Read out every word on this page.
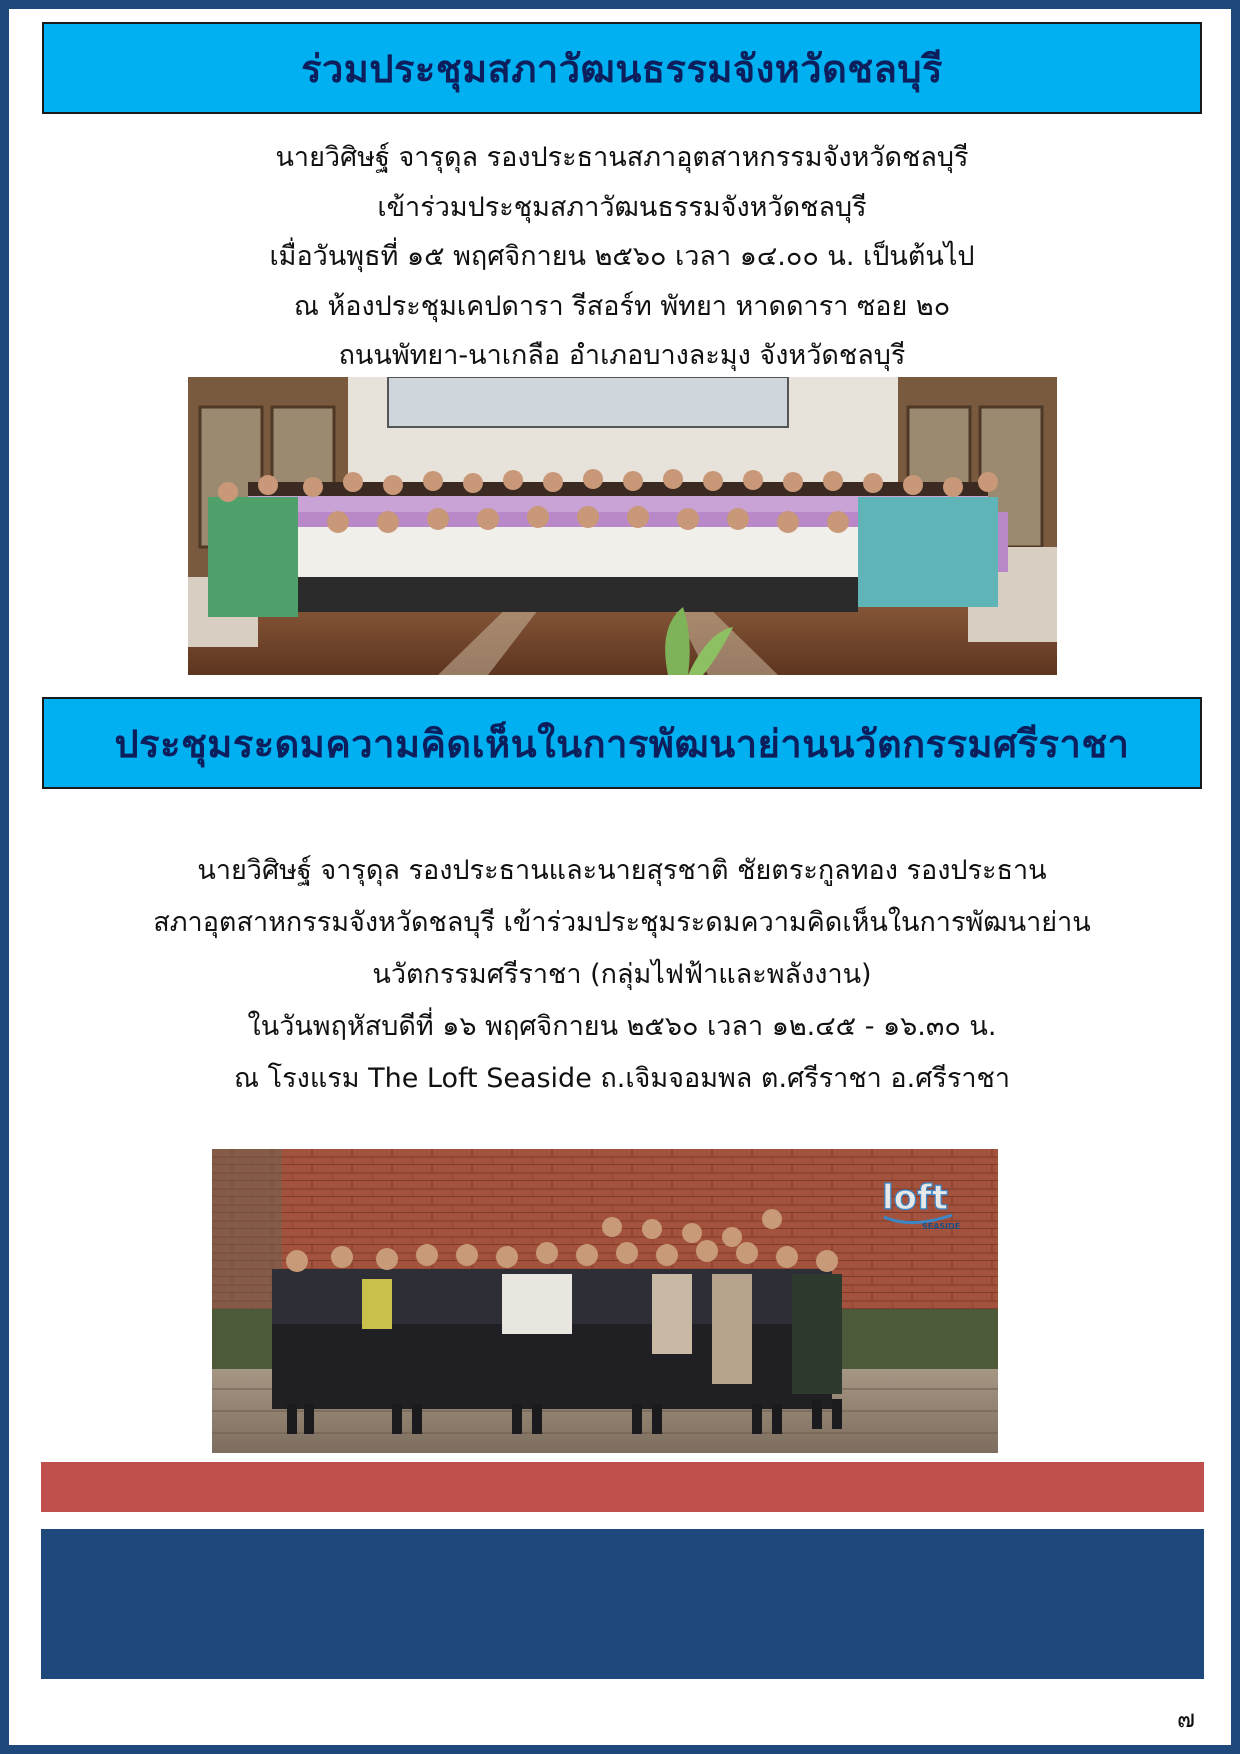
ร่วมประชุมสภาวัฒนธรรมจังหวัดชลบุรี
นายวิศิษฐ์ จารุดุล รองประธานสภาอุตสาหกรรมจังหวัดชลบุรี
เข้าร่วมประชุมสภาวัฒนธรรมจังหวัดชลบุรี
เมื่อวันพุธที่ ๑๕ พฤศจิกายน ๒๕๖๐ เวลา ๑๔.๐๐ น. เป็นต้นไป
ณ ห้องประชุมเคปดารา รีสอร์ท พัทยา หาดดารา ซอย ๒๐
ถนนพัทยา-นาเกลือ อำเภอบางละมุง จังหวัดชลบุรี
ประชุมระดมความคิดเห็นในการพัฒนาย่านนวัตกรรมศรีราชา
นายวิศิษฐ์ จารุดุล รองประธานและนายสุรชาติ ชัยตระกูลทอง รองประธาน
สภาอุตสาหกรรมจังหวัดชลบุรี เข้าร่วมประชุมระดมความคิดเห็นในการพัฒนาย่าน
นวัตกรรมศรีราชา (กลุ่มไฟฟ้าและพลังงาน)
ในวันพฤหัสบดีที่ ๑๖ พฤศจิกายน ๒๕๖๐ เวลา ๑๒.๔๕ - ๑๖.๓๐ น.
ณ โรงแรม The Loft Seaside ถ.เจิมจอมพล ต.ศรีราชา อ.ศรีราชา
loft
SEASIDE
๗
